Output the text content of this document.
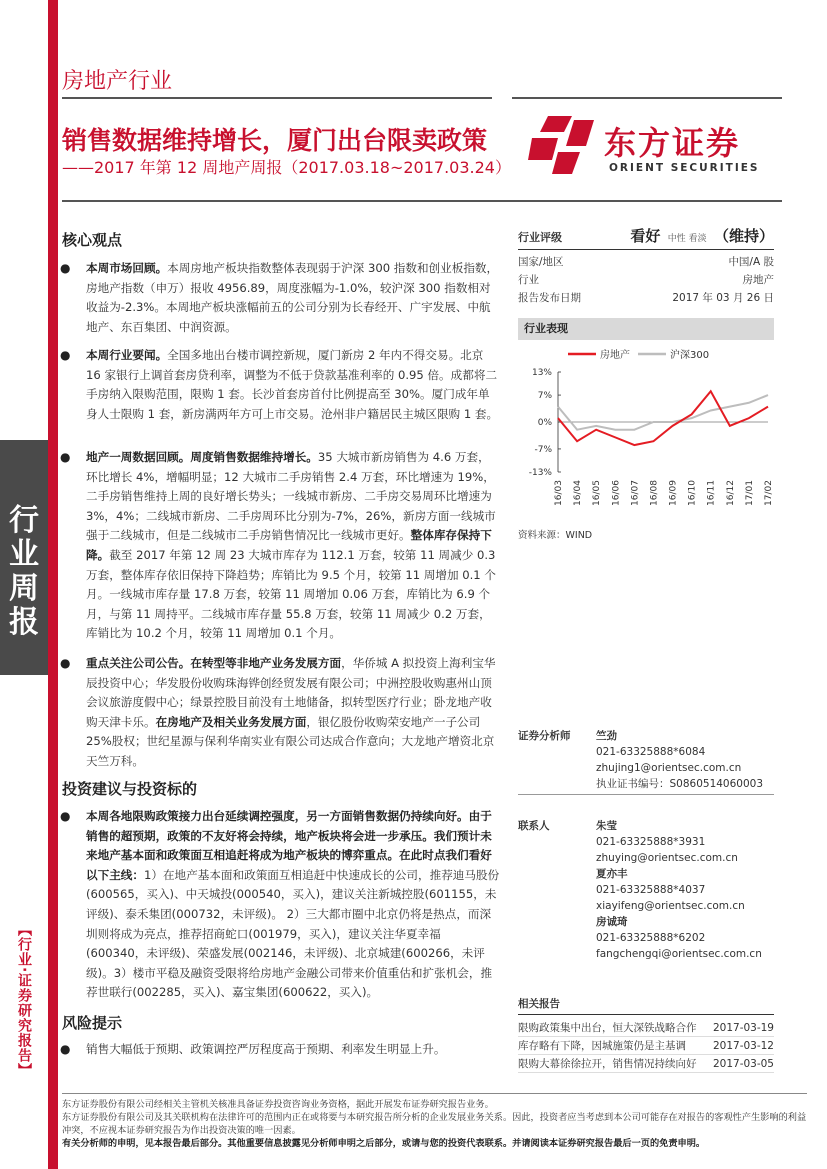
行
业
周
报
【行业·证券研究报告】
房地产行业
销售数据维持增长，厦门出台限卖政策
——2017 年第 12 周地产周报（2017.03.18~2017.03.24）
东方证券
ORIENT SECURITIES
核心观点
● 本周市场回顾。本周房地产板块指数整体表现弱于沪深 300 指数和创业板指数，房地产指数（申万）报收 4956.89，周度涨幅为-1.0%，较沪深 300 指数相对收益为-2.3%。本周地产板块涨幅前五的公司分别为长春经开、广宇发展、中航地产、东百集团、中润资源。

● 本周行业要闻。全国多地出台楼市调控新规，厦门新房 2 年内不得交易。北京 16 家银行上调首套房贷利率，调整为不低于贷款基准利率的 0.95 倍。成都将二手房纳入限购范围，限购 1 套。长沙首套房首付比例提高至 30%。厦门成年单身人士限购 1 套，新房满两年方可上市交易。沧州非户籍居民主城区限购 1 套。

● 地产一周数据回顾。周度销售数据维持增长。35 大城市新房销售为 4.6 万套，环比增长 4%，增幅明显；12 大城市二手房销售 2.4 万套，环比增速为 19%，二手房销售维持上周的良好增长势头；一线城市新房、二手房交易周环比增速为 3%，4%；二线城市新房、二手房周环比分别为-7%，26%，新房方面一线城市强于二线城市，但是二线城市二手房销售情况比一线城市更好。整体库存保持下降。截至 2017 年第 12 周 23 大城市库存为 112.1 万套，较第 11 周减少 0.3 万套，整体库存依旧保持下降趋势；库销比为 9.5 个月，较第 11 周增加 0.1 个月。一线城市库存量 17.8 万套，较第 11 周增加 0.06 万套，库销比为 6.9 个月，与第 11 周持平。二线城市库存量 55.8 万套，较第 11 周减少 0.2 万套，库销比为 10.2 个月，较第 11 周增加 0.1 个月。

● 重点关注公司公告。在转型等非地产业务发展方面，华侨城 A 拟投资上海利宝华辰投资中心；华发股份收购珠海铧创经贸发展有限公司；中洲控股收购惠州山顶会议旅游度假中心；绿景控股目前没有土地储备，拟转型医疗行业；卧龙地产收购天津卡乐。在房地产及相关业务发展方面，银亿股份收购荣安地产一子公司 25%股权；世纪星源与保利华南实业有限公司达成合作意向；大龙地产增资北京天竺万科。

投资建议与投资标的
● 本周各地限购政策接力出台延续调控强度，另一方面销售数据仍持续向好。由于销售的超预期，政策的不友好将会持续，地产板块将会进一步承压。我们预计未来地产基本面和政策面互相追赶将成为地产板块的博弈重点。在此时点我们看好以下主线：1）在地产基本面和政策面互相追赶中快速成长的公司，推荐迪马股份(600565，买入)、中天城投(000540，买入)，建议关注新城控股(601155，未评级)、泰禾集团(000732，未评级)。 2）三大都市圈中北京仍将是热点，而深圳则将成为亮点，推荐招商蛇口(001979，买入)，建议关注华夏幸福(600340，未评级)、荣盛发展(002146，未评级)、北京城建(600266，未评级)。3）楼市平稳及融资受限将给房地产金融公司带来价值重估和扩张机会，推荐世联行(002285，买入)、嘉宝集团(600622，买入)。

风险提示
● 销售大幅低于预期、政策调控严厉程度高于预期、利率发生明显上升。

行业评级	看好 中性 看淡 （维持）
国家/地区	中国/A 股
行业	房地产
报告发布日期	2017 年 03 月 26 日
行业表现
房地产	沪深300
13%
7%
0%
-7%
-13%
16/03 16/04 16/05 16/06 16/07 16/08 16/09 16/10 16/11 16/12 17/01 17/02
资料来源：WIND
证券分析师	竺劲
021-63325888*6084
zhujing1@orientsec.com.cn
执业证书编号：S0860514060003
联系人	朱莹
021-63325888*3931
zhuying@orientsec.com.cn
夏亦丰
021-63325888*4037
xiayifeng@orientsec.com.cn
房诚琦
021-63325888*6202
fangchengqi@orientsec.com.cn
相关报告
限购政策集中出台，恒大深铁战略合作 2017-03-19
库存略有下降，因城施策仍是主基调	2017-03-12
限购大幕徐徐拉开，销售情况持续向好 2017-03-05
东方证券股份有限公司经相关主管机关核准具备证券投资咨询业务资格，据此开展发布证券研究报告业务。
东方证券股份有限公司及其关联机构在法律许可的范围内正在或将要与本研究报告所分析的企业发展业务关系。因此，投资者应当考虑到本公司可能存在对报告的客观性产生影响的利益冲突，不应视本证券研究报告为作出投资决策的唯一因素。
有关分析师的申明，见本报告最后部分。其他重要信息披露见分析师申明之后部分，或请与您的投资代表联系。并请阅读本证券研究报告最后一页的免责申明。
